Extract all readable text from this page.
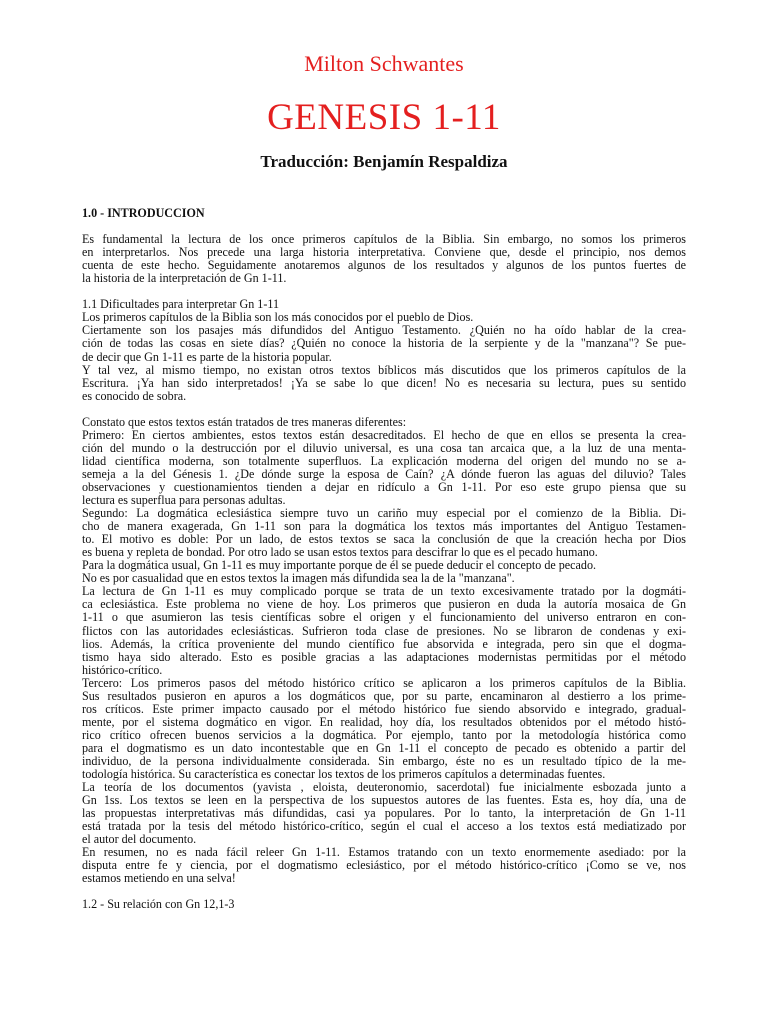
Milton Schwantes
GENESIS 1-11
Traducción: Benjamín Respaldiza
1.0 - INTRODUCCION
Es fundamental la lectura de los once primeros capítulos de la Biblia. Sin embargo, no somos los primeros
en interpretarlos. Nos precede una larga historia interpretativa. Conviene que, desde el principio, nos demos
cuenta de este hecho. Seguidamente anotaremos algunos de los resultados y algunos de los puntos fuertes de
la historia de la interpretación de Gn 1-11.
1.1 Dificultades para interpretar Gn 1-11
Los primeros capítulos de la Biblia son los más conocidos por el pueblo de Dios.
Ciertamente son los pasajes más difundidos del Antiguo Testamento. ¿Quién no ha oído hablar de la crea-
ción de todas las cosas en siete días? ¿Quién no conoce la historia de la serpiente y de la "manzana"? Se pue-
de decir que Gn 1-11 es parte de la historia popular.
Y tal vez, al mismo tiempo, no existan otros textos bíblicos más discutidos que los primeros capítulos de la
Escritura. ¡Ya han sido interpretados! ¡Ya se sabe lo que dicen! No es necesaria su lectura, pues su sentido
es conocido de sobra.
Constato que estos textos están tratados de tres maneras diferentes:
Primero: En ciertos ambientes, estos textos están desacreditados. El hecho de que en ellos se presenta la crea-
ción del mundo o la destrucción por el diluvio universal, es una cosa tan arcaica que, a la luz de una menta-
lidad científica moderna, son totalmente superfluos. La explicación moderna del origen del mundo no se a-
semeja a la del Génesis 1. ¿De dónde surge la esposa de Caín? ¿A dónde fueron las aguas del diluvio? Tales
observaciones y cuestionamientos tienden a dejar en ridículo a Gn 1-11. Por eso este grupo piensa que su
lectura es superflua para personas adultas.
Segundo: La dogmática eclesiástica siempre tuvo un cariño muy especial por el comienzo de la Biblia. Di-
cho de manera exagerada, Gn 1-11 son para la dogmática los textos más importantes del Antiguo Testamen-
to. El motivo es doble: Por un lado, de estos textos se saca la conclusión de que la creación hecha por Dios
es buena y repleta de bondad. Por otro lado se usan estos textos para descifrar lo que es el pecado humano.
Para la dogmática usual, Gn 1-11 es muy importante porque de él se puede deducir el concepto de pecado.
No es por casualidad que en estos textos la imagen más difundida sea la de la "manzana".
La lectura de Gn 1-11 es muy complicado porque se trata de un texto excesivamente tratado por la dogmáti-
ca eclesiástica. Este problema no viene de hoy. Los primeros que pusieron en duda la autoría mosaica de Gn
1-11 o que asumieron las tesis científicas sobre el origen y el funcionamiento del universo entraron en con-
flictos con las autoridades eclesiásticas. Sufrieron toda clase de presiones. No se libraron de condenas y exi-
lios. Además, la crítica proveniente del mundo científico fue absorvida e integrada, pero sin que el dogma-
tismo haya sido alterado. Esto es posible gracias a las adaptaciones modernistas permitidas por el método
histórico-crítico.
Tercero: Los primeros pasos del método histórico crítico se aplicaron a los primeros capítulos de la Biblia.
Sus resultados pusieron en apuros a los dogmáticos que, por su parte, encaminaron al destierro a los prime-
ros críticos. Este primer impacto causado por el método histórico fue siendo absorvido e integrado, gradual-
mente, por el sistema dogmático en vigor. En realidad, hoy día, los resultados obtenidos por el método histó-
rico crítico ofrecen buenos servicios a la dogmática. Por ejemplo, tanto por la metodología histórica como
para el dogmatismo es un dato incontestable que en Gn 1-11 el concepto de pecado es obtenido a partir del
individuo, de la persona individualmente considerada. Sin embargo, éste no es un resultado típico de la me-
todología histórica. Su característica es conectar los textos de los primeros capítulos a determinadas fuentes.
La teoría de los documentos (yavista , eloista, deuteronomio, sacerdotal) fue inicialmente esbozada junto a
Gn 1ss. Los textos se leen en la perspectiva de los supuestos autores de las fuentes. Esta es, hoy día, una de
las propuestas interpretativas más difundidas, casi ya populares. Por lo tanto, la interpretación de Gn 1-11
está tratada por la tesis del método histórico-crítico, según el cual el acceso a los textos está mediatizado por
el autor del documento.
En resumen, no es nada fácil releer Gn 1-11. Estamos tratando con un texto enormemente asediado: por la
disputa entre fe y ciencia, por el dogmatismo eclesiástico, por el método histórico-crítico ¡Como se ve, nos
estamos metiendo en una selva!
1.2 - Su relación con Gn 12,1-3
